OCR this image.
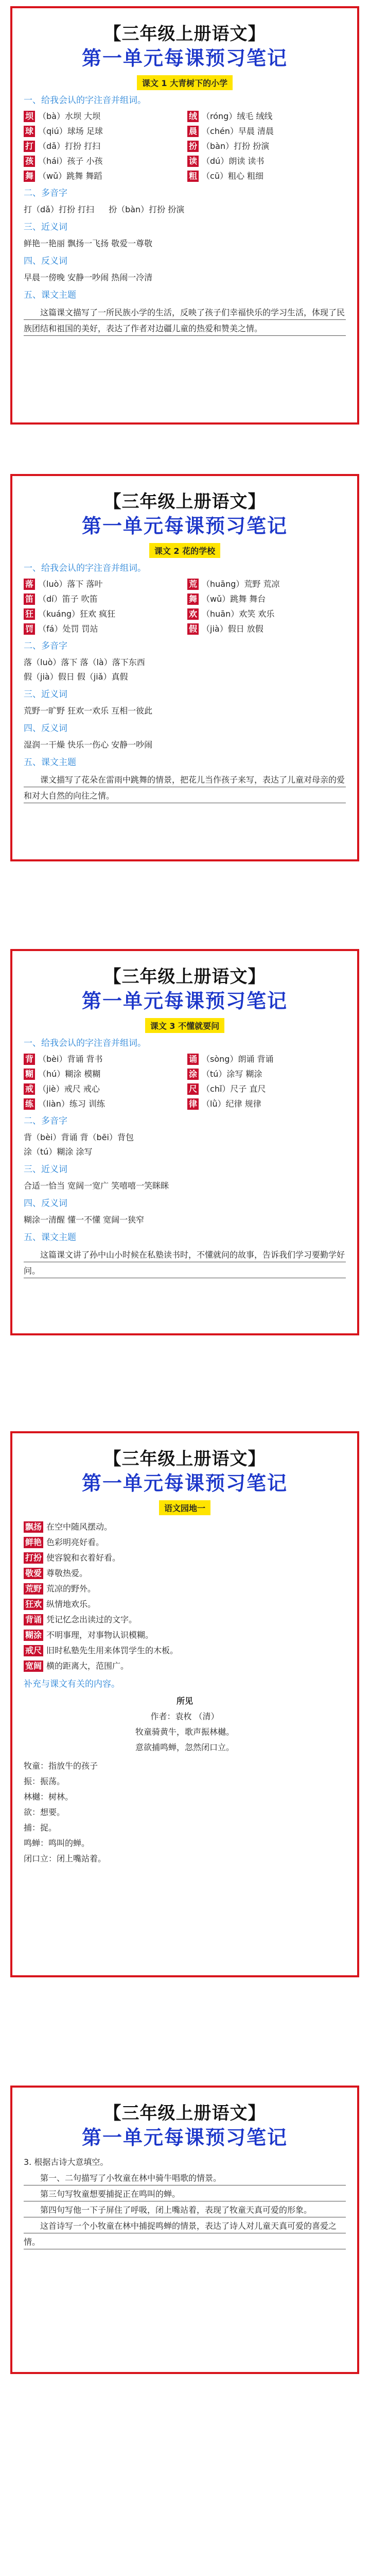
【三年级上册语文】
第一单元每课预习笔记
课文 1 大青树下的小学
一、给我会认的字注音并组词。
坝 （bà）水坝 大坝	绒 （róng）绒毛 绒线
球 （qiú）球场 足球	晨 （chén）早晨 清晨
打 （dǎ）打扮 打扫	扮 （bàn）打扮 扮演
孩 （hái）孩子 小孩	读 （dú）朗读 读书
舞 （wǔ）跳舞 舞蹈	粗 （cū）粗心 粗细
二、多音字
打（dǎ）打扮 打扫 扮（bàn）打扮 扮演
三、近义词
鲜艳一艳丽 飘扬一飞扬 敬爱一尊敬
四、反义词
早晨一傍晚 安静一吵闹 热闹一冷清
五、课文主题

这篇课文描写了一所民族小学的生活，反映了孩子们幸福快乐的学习生活，体现了民族团结和祖国的美好，表达了作者对边疆儿童的热爱和赞美之情。

【三年级上册语文】
第一单元每课预习笔记
课文 2 花的学校
一、给我会认的字注音并组词。
落 （luò）落下 落叶	荒 （huāng）荒野 荒凉
笛 （dí）笛子 吹笛	舞 （wǔ）跳舞 舞台
狂 （kuáng）狂欢 疯狂	欢 （huān）欢笑 欢乐
罚 （fá）处罚 罚站	假 （jià）假日 放假
二、多音字
落（luò）落下 落（là）落下东西
假（jià）假日 假（jiǎ）真假
三、近义词
荒野一旷野 狂欢一欢乐 互相一彼此
四、反义词
湿润一干燥 快乐一伤心 安静一吵闹
五、课文主题

课文描写了花朵在雷雨中跳舞的情景，把花儿当作孩子来写，表达了儿童对母亲的爱和对大自然的向往之情。

【三年级上册语文】
第一单元每课预习笔记
课文 3 不懂就要问
一、给我会认的字注音并组词。
背 （bèi）背诵 背书	诵 （sòng）朗诵 背诵
糊 （hú）糊涂 模糊	涂 （tú）涂写 糊涂
戒 （jiè）戒尺 戒心	尺 （chǐ）尺子 直尺
练 （liàn）练习 训练	律 （lǜ）纪律 规律
二、多音字
背（bèi）背诵 背（bēi）背包
涂（tú）糊涂 涂写
三、近义词
合适一恰当 宽阔一宽广 笑嘻嘻一笑眯眯
四、反义词
糊涂一清醒 懂一不懂 宽阔一狭窄
五、课文主题

这篇课文讲了孙中山小时候在私塾读书时，不懂就问的故事，告诉我们学习要勤学好问。

【三年级上册语文】
第一单元每课预习笔记
语文园地一
飘扬 在空中随风摆动。
鲜艳 色彩明亮好看。
打扮 使容貌和衣着好看。
敬爱 尊敬热爱。
荒野 荒凉的野外。
狂欢 纵情地欢乐。
背诵 凭记忆念出读过的文字。
糊涂 不明事理，对事物认识模糊。
戒尺 旧时私塾先生用来体罚学生的木板。
宽阔 横的距离大，范围广。
补充与课文有关的内容。
所见
作者：袁枚 （清）
牧童骑黄牛，歌声振林樾。
意欲捕鸣蝉，忽然闭口立。
牧童：指放牛的孩子
振：振荡。
林樾：树林。
欲：想要。
捕：捉。
鸣蝉：鸣叫的蝉。
闭口立：闭上嘴站着。
【三年级上册语文】
第一单元每课预习笔记

3. 根据古诗大意填空。

第一、二句描写了小牧童在林中骑牛唱歌的情景。

第三句写牧童想要捕捉正在鸣叫的蝉。

第四句写他一下子屏住了呼吸，闭上嘴站着，表现了牧童天真可爱的形象。

这首诗写一个小牧童在林中捕捉鸣蝉的情景，表达了诗人对儿童天真可爱的喜爱之情。
